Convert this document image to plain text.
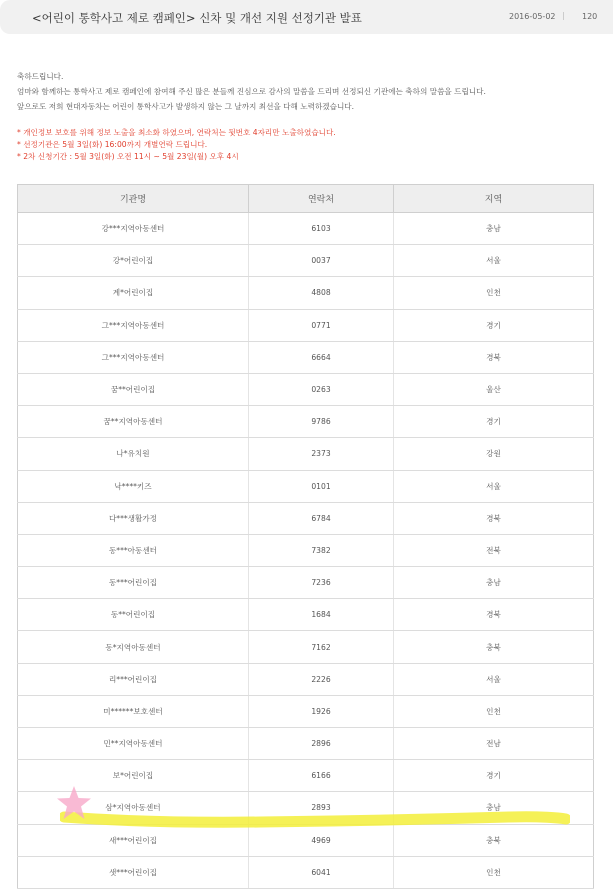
<어린이 통학사고 제로 캠페인> 신차 및 개선 지원 선정기관 발표	2016-05-02 | 120
축하드립니다.
엄마와 함께하는 통학사고 제로 캠페인에 참여해 주신 많은 분들께 진심으로 감사의 말씀을 드리며 선정되신 기관에는 축하의 말씀을 드립니다.
앞으로도 저희 현대자동차는 어린이 통학사고가 발생하지 않는 그 날까지 최선을 다해 노력하겠습니다.
* 개인정보 보호를 위해 정보 노출을 최소화 하였으며, 연락처는 뒷번호 4자리만 노출하였습니다.
* 선정기관은 5월 3일(화) 16:00까지 개별연락 드립니다.
* 2차 신청기간 : 5월 3일(화) 오전 11시 ~ 5월 23일(월) 오후 4시
기관명	연락처	지역
강***지역아동센터	6103	충남
강*어린이집	0037	서울
계*어린이집	4808	인천
그***지역아동센터	0771	경기
그***지역아동센터	6664	경북
꿈**어린이집	0263	울산
꿈**지역아동센터	9786	경기
나*유치원	2373	강원
낙****키즈	0101	서울
다***생활가정	6784	경북
동***아동센터	7382	전북
동***어린이집	7236	충남
동**어린이집	1684	경북
동*지역아동센터	7162	충북
리***어린이집	2226	서울
미******보호센터	1926	인천
민**지역아동센터	2896	전남
보*어린이집	6166	경기
삼*지역아동센터	2893	충남
새***어린이집	4969	충북
샛***어린이집	6041	인천
